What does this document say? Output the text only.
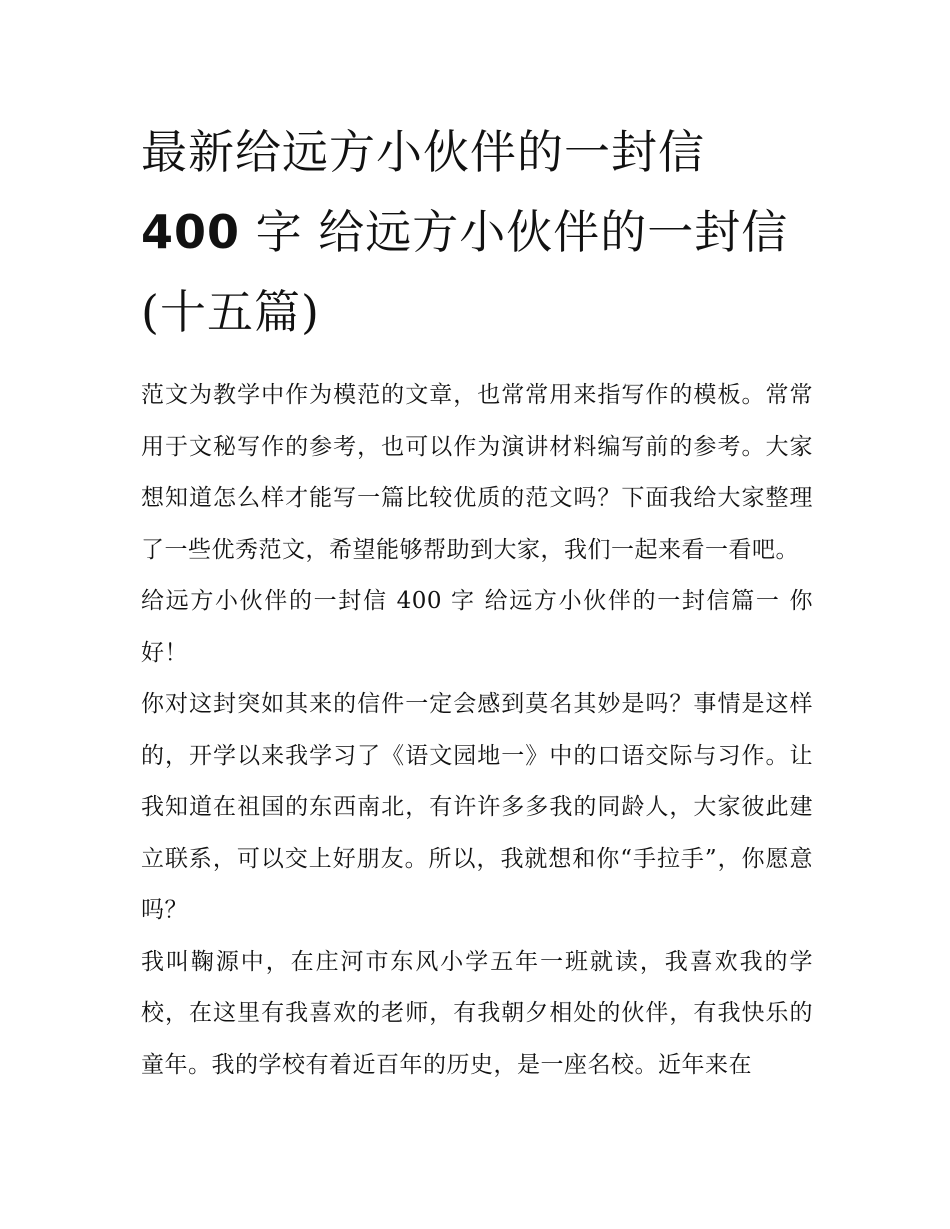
最新给远方小伙伴的一封信
400 字 给远方小伙伴的一封信(十五篇)

范文为教学中作为模范的文章，也常常用来指写作的模板。常常用于文秘写作的参考，也可以作为演讲材料编写前的参考。大家想知道怎么样才能写一篇比较优质的范文吗？下面我给大家整理了一些优秀范文，希望能够帮助到大家，我们一起来看一看吧。

给远方小伙伴的一封信 400 字 给远方小伙伴的一封信篇一 你好！

你对这封突如其来的信件一定会感到莫名其妙是吗？事情是这样的，开学以来我学习了《语文园地一》中的口语交际与习作。让我知道在祖国的东西南北，有许许多多我的同龄人，大家彼此建立联系，可以交上好朋友。所以，我就想和你“手拉手”，你愿意吗？

我叫鞠源中，在庄河市东风小学五年一班就读，我喜欢我的学校，在这里有我喜欢的老师，有我朝夕相处的伙伴，有我快乐的童年。我的学校有着近百年的历史，是一座名校。近年来在
